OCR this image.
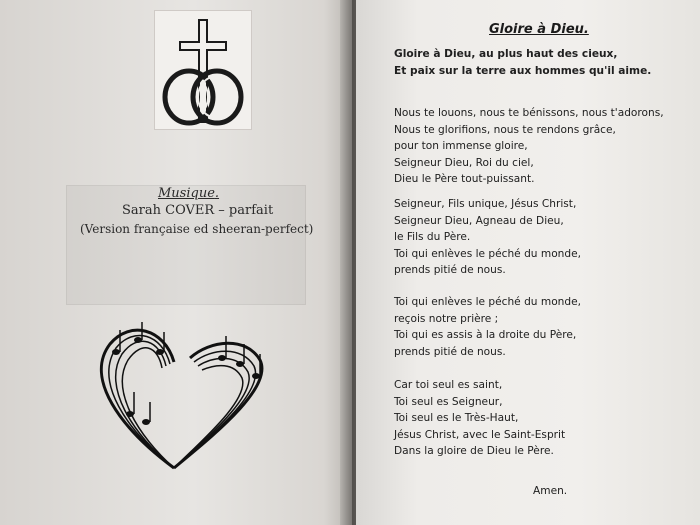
Musique.
Sarah COVER – parfait
(Version française ed sheeran-perfect)
Gloire à Dieu.
Gloire à Dieu, au plus haut des cieux,
Et paix sur la terre aux hommes qu'il aime.
Nous te louons, nous te bénissons, nous t'adorons,
Nous te glorifions, nous te rendons grâce,
pour ton immense gloire,
Seigneur Dieu, Roi du ciel,
Dieu le Père tout-puissant.
Seigneur, Fils unique, Jésus Christ,
Seigneur Dieu, Agneau de Dieu,
le Fils du Père.
Toi qui enlèves le péché du monde,
prends pitié de nous.
Toi qui enlèves le péché du monde,
reçois notre prière ;
Toi qui es assis à la droite du Père,
prends pitié de nous.
Car toi seul es saint,
Toi seul es Seigneur,
Toi seul es le Très-Haut,
Jésus Christ, avec le Saint-Esprit
Dans la gloire de Dieu le Père.
Amen.
